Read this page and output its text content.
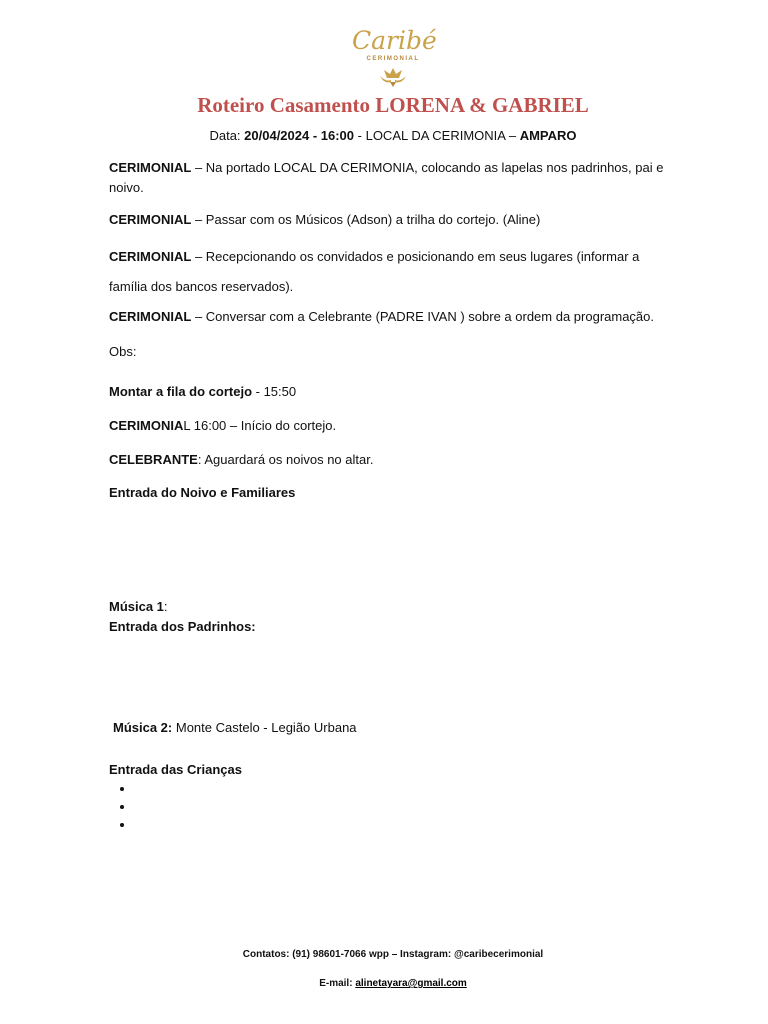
Caribé
CERIMONIAL
Roteiro Casamento LORENA & GABRIEL
Data: 20/04/2024 - 16:00 - LOCAL DA CERIMONIA – AMPARO

CERIMONIAL – Na portado LOCAL DA CERIMONIA, colocando as lapelas nos padrinhos, pai e noivo.

CERIMONIAL – Passar com os Músicos (Adson) a trilha do cortejo. (Aline)

CERIMONIAL – Recepcionando os convidados e posicionando em seus lugares (informar a família dos bancos reservados).

CERIMONIAL – Conversar com a Celebrante (PADRE IVAN ) sobre a ordem da programação.

Obs:

Montar a fila do cortejo - 15:50

CERIMONIAL 16:00 – Início do cortejo.

CELEBRANTE: Aguardará os noivos no altar.

Entrada do Noivo e Familiares

Música 1:

Entrada dos Padrinhos:

Música 2: Monte Castelo - Legião Urbana

Entrada das Crianças

Contatos: (91) 98601-7066 wpp – Instagram: @caribecerimonial
E-mail: alinetayara@gmail.com
